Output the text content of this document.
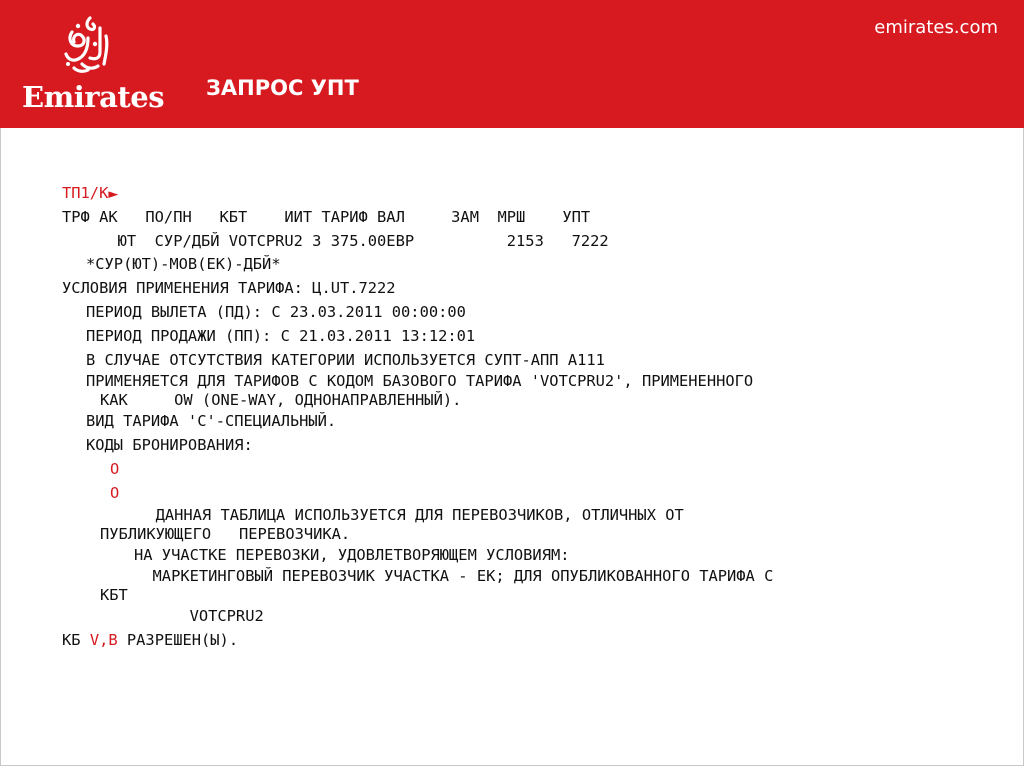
Emirates
emirates.com
ЗАПРОС УПТ
ТП1/К►
ТРФ АК   ПО/ПН   КБТ    ИИТ ТАРИФ ВАЛ     ЗАМ  МРШ    УПТ
ЮТ  СУР/ДБЙ VOTCPRU2 3 375.00ЕВР          2153   7222
*СУР(ЮТ)-МОВ(ЕК)-ДБЙ*
УСЛОВИЯ ПРИМЕНЕНИЯ ТАРИФА: Ц.UT.7222
ПЕРИОД ВЫЛЕТА (ПД): С 23.03.2011 00:00:00
ПЕРИОД ПРОДАЖИ (ПП): С 21.03.2011 13:12:01
В СЛУЧАЕ ОТСУТСТВИЯ КАТЕГОРИИ ИСПОЛЬЗУЕТСЯ СУПТ-АПП А111
ПРИМЕНЯЕТСЯ ДЛЯ ТАРИФОВ С КОДОМ БАЗОВОГО ТАРИФА 'VOTCPRU2', ПРИМЕНЕННОГО
КАК     OW (ONE-WAY, ОДНОНАПРАВЛЕННЫЙ).
ВИД ТАРИФА 'С'-СПЕЦИАЛЬНЫЙ.
КОДЫ БРОНИРОВАНИЯ:
O
O
ДАННАЯ ТАБЛИЦА ИСПОЛЬЗУЕТСЯ ДЛЯ ПЕРЕВОЗЧИКОВ, ОТЛИЧНЫХ ОТ
ПУБЛИКУЮЩЕГО   ПЕРЕВОЗЧИКА.
НА УЧАСТКЕ ПЕРЕВОЗКИ, УДОВЛЕТВОРЯЮЩЕМ УСЛОВИЯМ:
МАРКЕТИНГОВЫЙ ПЕРЕВОЗЧИК УЧАСТКА - ЕК; ДЛЯ ОПУБЛИКОВАННОГО ТАРИФА С
КБТ
VOTCPRU2
КБ V,В РАЗРЕШЕН(Ы).
